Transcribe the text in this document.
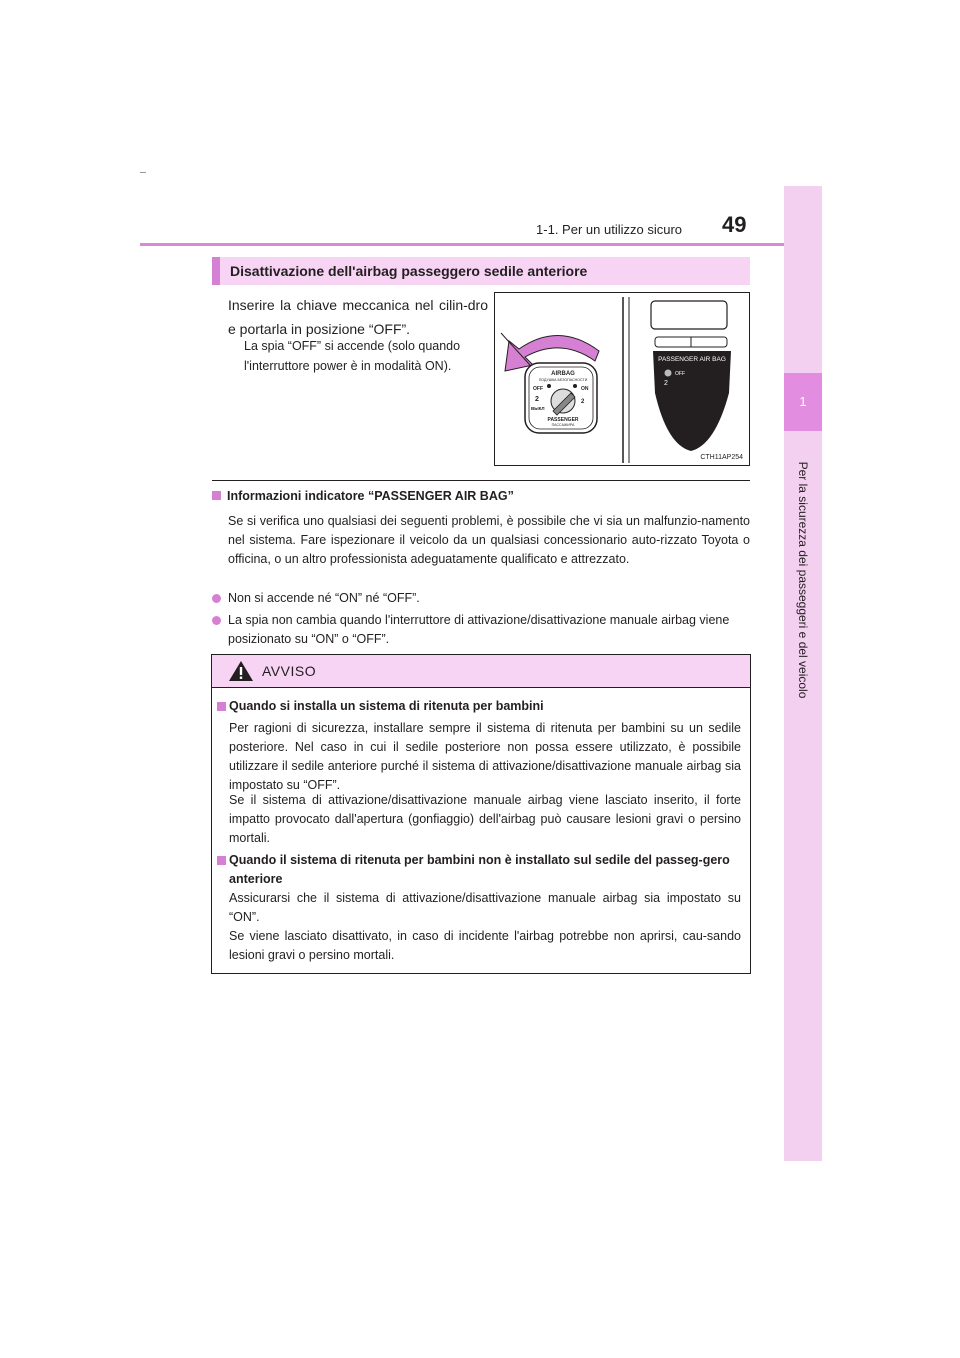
1-1. Per un utilizzo sicuro 49
1
Per la sicurezza dei passeggeri e del veicolo
Disattivazione dell'airbag passeggero sedile anteriore
Inserire la chiave meccanica nel cilin-dro e portarla in posizione “OFF”.
La spia “OFF” si accende (solo quando l'interruttore power è in modalità ON).	PASSENGER AIR BAG
2
OFF
AIRBAG
ПОДУШКА БЕЗОПАСНОСТИ
OFF	ON
2
ВЫКЛ
2
PASSENGER
ПАССАЖИРА
CTH11AP254
Informazioni indicatore “PASSENGER AIR BAG”
Se si verifica uno qualsiasi dei seguenti problemi, è possibile che vi sia un malfunzio-namento nel sistema. Fare ispezionare il veicolo da un qualsiasi concessionario auto-rizzato Toyota o officina, o un altro professionista adeguatamente qualificato e attrezzato.
Non si accende né “ON” né “OFF”.
La spia non cambia quando l'interruttore di attivazione/disattivazione manuale airbag viene posizionato su “ON” o “OFF”.
AVVISO
Quando si installa un sistema di ritenuta per bambini
Per ragioni di sicurezza, installare sempre il sistema di ritenuta per bambini su un sedile posteriore. Nel caso in cui il sedile posteriore non possa essere utilizzato, è possibile utilizzare il sedile anteriore purché il sistema di attivazione/disattivazione manuale airbag sia impostato su “OFF”.
Se il sistema di attivazione/disattivazione manuale airbag viene lasciato inserito, il forte impatto provocato dall'apertura (gonfiaggio) dell'airbag può causare lesioni gravi o persino mortali.
Quando il sistema di ritenuta per bambini non è installato sul sedile del passeg-gero anteriore
Assicurarsi che il sistema di attivazione/disattivazione manuale airbag sia impostato su “ON”.
Se viene lasciato disattivato, in caso di incidente l'airbag potrebbe non aprirsi, cau-sando lesioni gravi o persino mortali.
